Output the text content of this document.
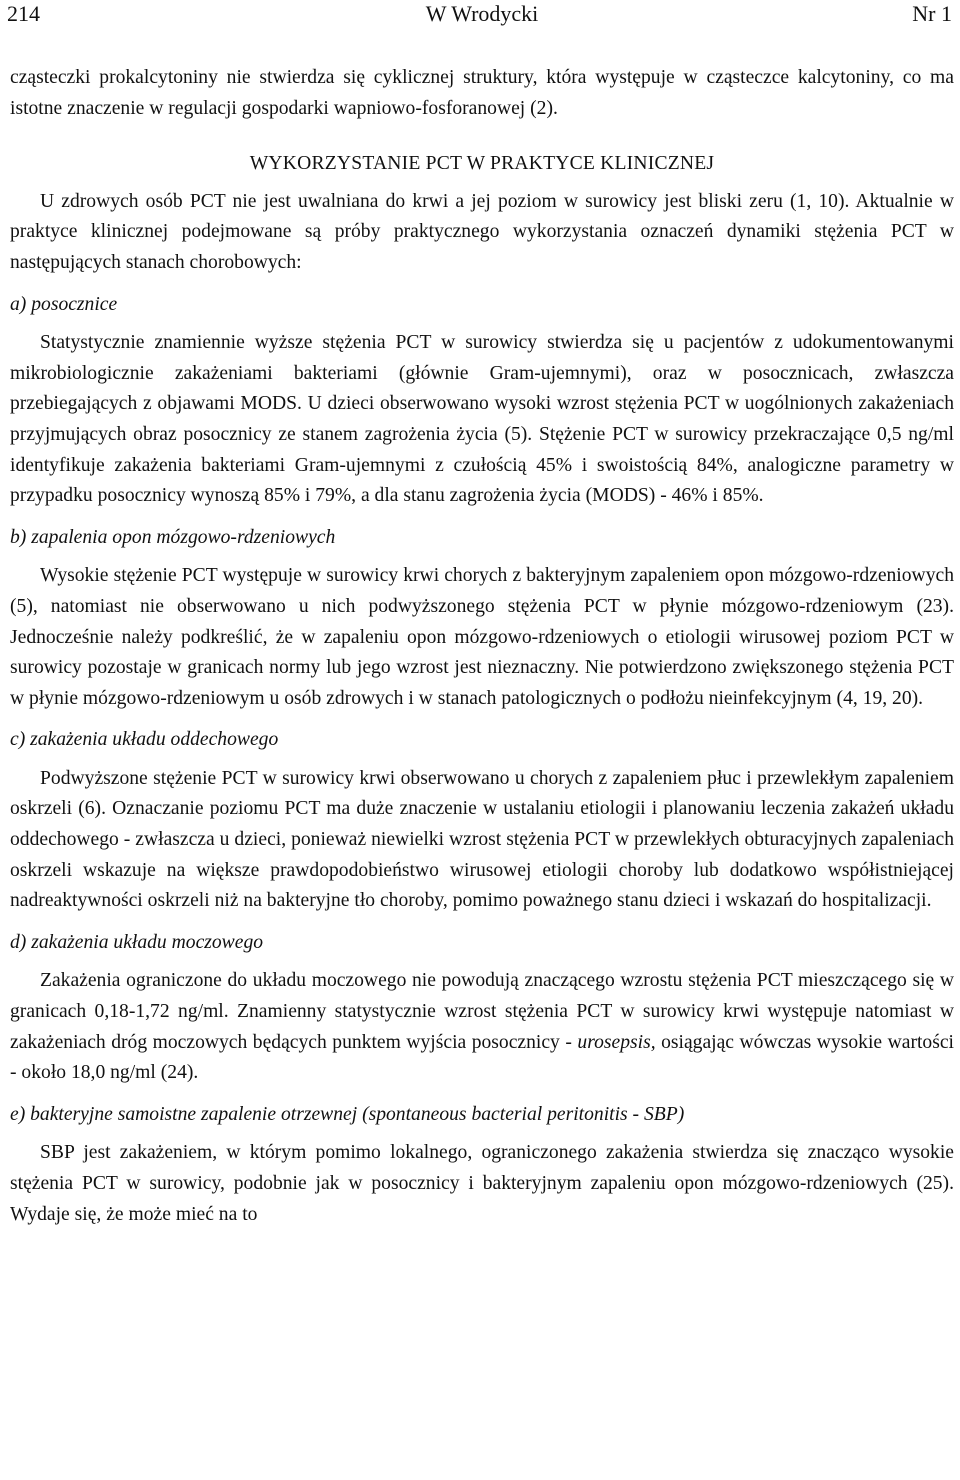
214	W Wrodycki	Nr 1

cząsteczki prokalcytoniny nie stwierdza się cyklicznej struktury, która występuje w cząsteczce kalcytoniny, co ma istotne znaczenie w regulacji gospodarki wapniowo-fosforanowej (2).

WYKORZYSTANIE PCT W PRAKTYCE KLINICZNEJ

U zdrowych osób PCT nie jest uwalniana do krwi a jej poziom w surowicy jest bliski zeru (1, 10). Aktualnie w praktyce klinicznej podejmowane są próby praktycznego wykorzystania oznaczeń dynamiki stężenia PCT w następujących stanach chorobowych:

a) posocznice

Statystycznie znamiennie wyższe stężenia PCT w surowicy stwierdza się u pacjentów z udokumentowanymi mikrobiologicznie zakażeniami bakteriami (głównie Gram-ujemnymi), oraz w posocznicach, zwłaszcza przebiegających z objawami MODS. U dzieci obserwowano wysoki wzrost stężenia PCT w uogólnionych zakażeniach przyjmujących obraz posocznicy ze stanem zagrożenia życia (5). Stężenie PCT w surowicy przekraczające 0,5 ng/ml identyfikuje zakażenia bakteriami Gram-ujemnymi z czułością 45% i swoistością 84%, analogiczne parametry w przypadku posocznicy wynoszą 85% i 79%, a dla stanu zagrożenia życia (MODS) - 46% i 85%.

b) zapalenia opon mózgowo-rdzeniowych

Wysokie stężenie PCT występuje w surowicy krwi chorych z bakteryjnym zapaleniem opon mózgowo-rdzeniowych (5), natomiast nie obserwowano u nich podwyższonego stężenia PCT w płynie mózgowo-rdzeniowym (23). Jednocześnie należy podkreślić, że w zapaleniu opon mózgowo-rdzeniowych o etiologii wirusowej poziom PCT w surowicy pozostaje w granicach normy lub jego wzrost jest nieznaczny. Nie potwierdzono zwiększonego stężenia PCT w płynie mózgowo-rdzeniowym u osób zdrowych i w stanach patologicznych o podłożu nieinfekcyjnym (4, 19, 20).

c) zakażenia układu oddechowego

Podwyższone stężenie PCT w surowicy krwi obserwowano u chorych z zapaleniem płuc i przewlekłym zapaleniem oskrzeli (6). Oznaczanie poziomu PCT ma duże znaczenie w ustalaniu etiologii i planowaniu leczenia zakażeń układu oddechowego - zwłaszcza u dzieci, ponieważ niewielki wzrost stężenia PCT w przewlekłych obturacyjnych zapaleniach oskrzeli wskazuje na większe prawdopodobieństwo wirusowej etiologii choroby lub dodatkowo współistniejącej nadreaktywności oskrzeli niż na bakteryjne tło choroby, pomimo poważnego stanu dzieci i wskazań do hospitalizacji.

d) zakażenia układu moczowego

Zakażenia ograniczone do układu moczowego nie powodują znaczącego wzrostu stężenia PCT mieszczącego się w granicach 0,18-1,72 ng/ml. Znamienny statystycznie wzrost stężenia PCT w surowicy krwi występuje natomiast w zakażeniach dróg moczowych będących punktem wyjścia posocznicy - urosepsis, osiągając wówczas wysokie wartości - około 18,0 ng/ml (24).

e) bakteryjne samoistne zapalenie otrzewnej (spontaneous bacterial peritonitis - SBP)

SBP jest zakażeniem, w którym pomimo lokalnego, ograniczonego zakażenia stwierdza się znacząco wysokie stężenia PCT w surowicy, podobnie jak w posocznicy i bakteryjnym zapaleniu opon mózgowo-rdzeniowych (25). Wydaje się, że może mieć na to
